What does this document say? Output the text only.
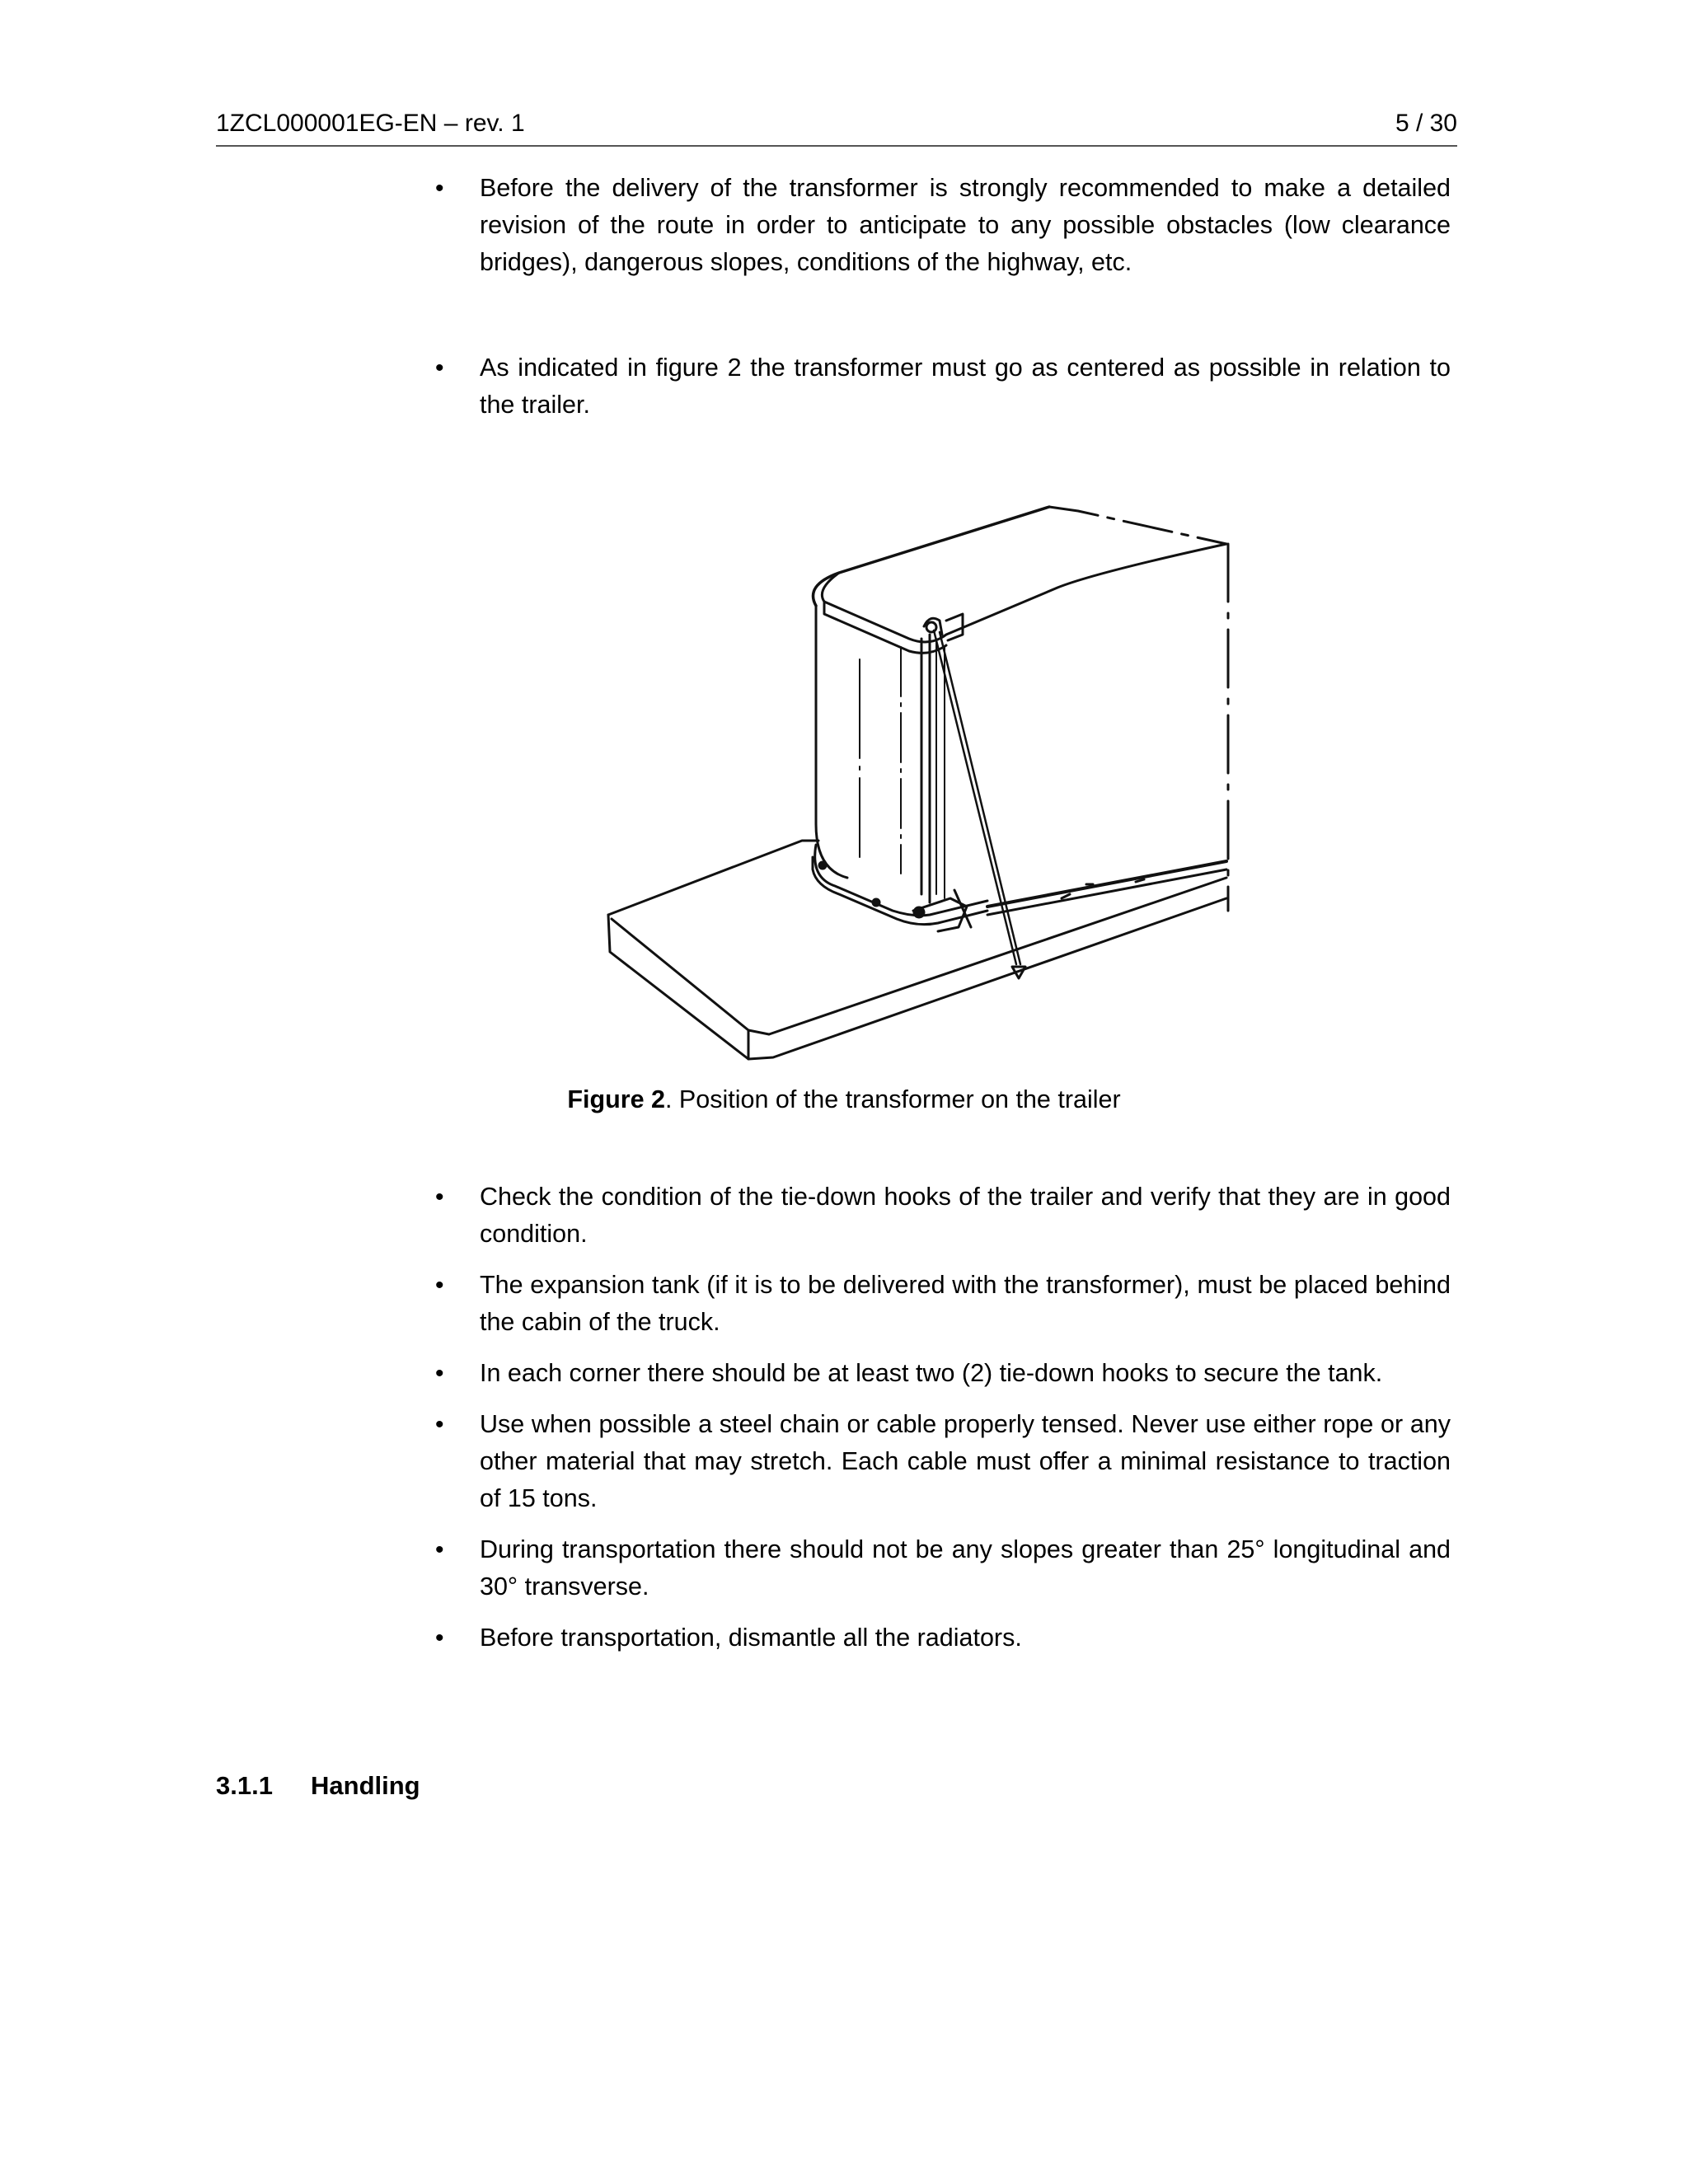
1ZCL000001EG-EN – rev. 1	5 / 30
• Before the delivery of the transformer is strongly recommended to make a detailed revision of the route in order to anticipate to any possible obstacles (low clearance bridges), dangerous slopes, conditions of the highway, etc.
• As indicated in figure 2 the transformer must go as centered as possible in relation to the trailer.
Figure 2. Position of the transformer on the trailer
• Check the condition of the tie-down hooks of the trailer and verify that they are in good condition.
• The expansion tank (if it is to be delivered with the transformer), must be placed behind the cabin of the truck.
• In each corner there should be at least two (2) tie-down hooks to secure the tank.
• Use when possible a steel chain or cable properly tensed. Never use either rope or any other material that may stretch. Each cable must offer a minimal resistance to traction of 15 tons.
• During transportation there should not be any slopes greater than 25° longitudinal and 30° transverse.
• Before transportation, dismantle all the radiators.
3.1.1 Handling
